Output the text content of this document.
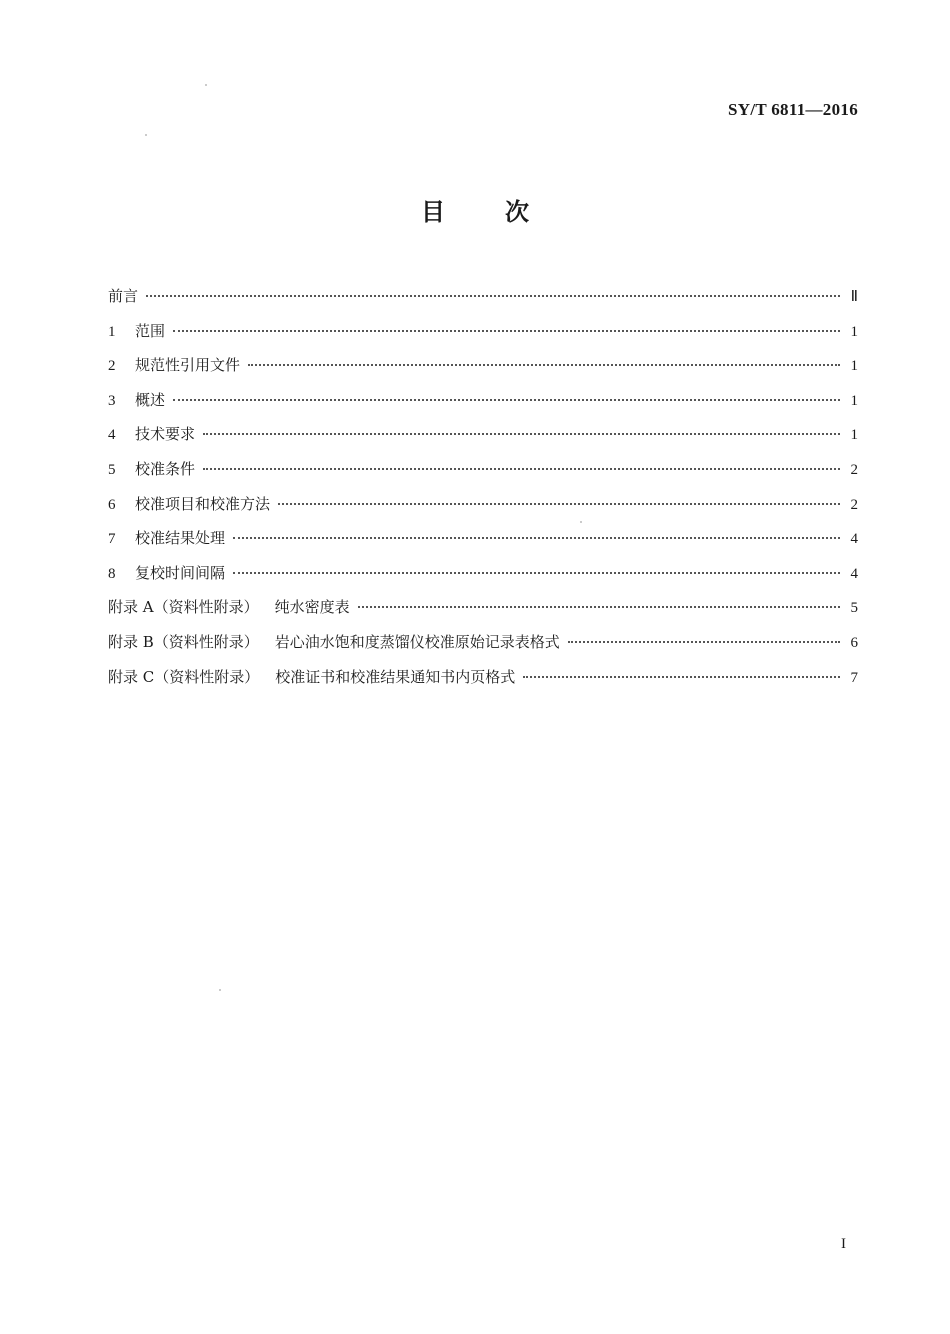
SY/T 6811—2016
目	次
前言	Ⅱ
1	范围	1
2	规范性引用文件	1
3	概述	1
4	技术要求	1
5	校准条件	2
6	校准项目和校准方法	2
7	校准结果处理	4
8	复校时间间隔	4
附录 A（资料性附录） 纯水密度表	5
附录 B（资料性附录） 岩心油水饱和度蒸馏仪校准原始记录表格式	6
附录 C（资料性附录） 校准证书和校准结果通知书内页格式	7
I
